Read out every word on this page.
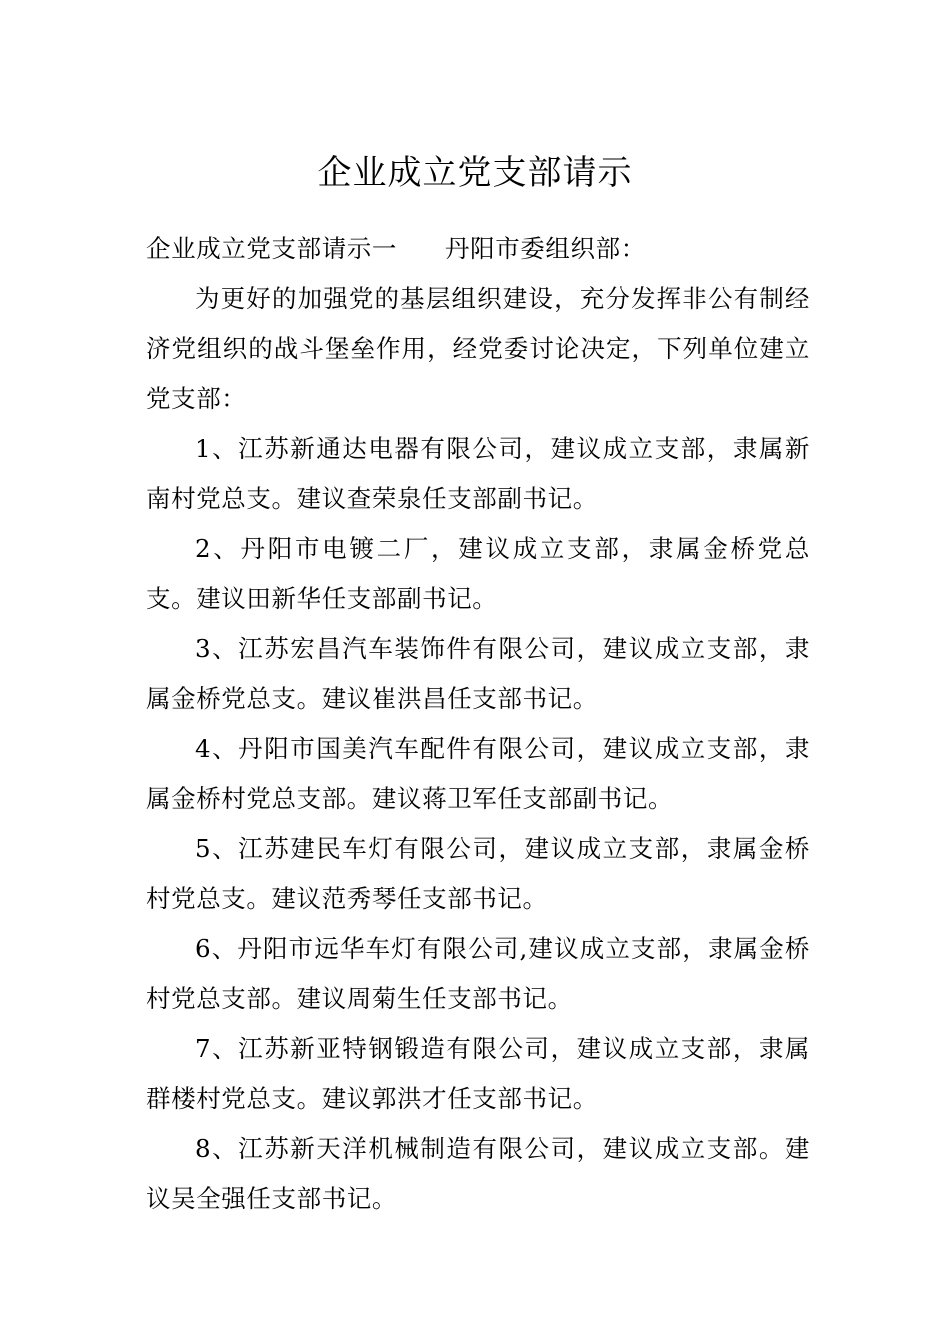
企业成立党支部请示
企业成立党支部请示一 丹阳市委组织部：

为更好的加强党的基层组织建设，充分发挥非公有制经济党组织的战斗堡垒作用，经党委讨论决定，下列单位建立党支部：

1、江苏新通达电器有限公司，建议成立支部，隶属新南村党总支。建议查荣泉任支部副书记。

2、丹阳市电镀二厂，建议成立支部，隶属金桥党总支。建议田新华任支部副书记。

3、江苏宏昌汽车装饰件有限公司，建议成立支部，隶属金桥党总支。建议崔洪昌任支部书记。

4、丹阳市国美汽车配件有限公司，建议成立支部，隶属金桥村党总支部。建议蒋卫军任支部副书记。

5、江苏建民车灯有限公司，建议成立支部，隶属金桥村党总支。建议范秀琴任支部书记。

6、丹阳市远华车灯有限公司,建议成立支部，隶属金桥村党总支部。建议周菊生任支部书记。

7、江苏新亚特钢锻造有限公司，建议成立支部，隶属群楼村党总支。建议郭洪才任支部书记。

8、江苏新天洋机械制造有限公司，建议成立支部。建议吴全强任支部书记。
